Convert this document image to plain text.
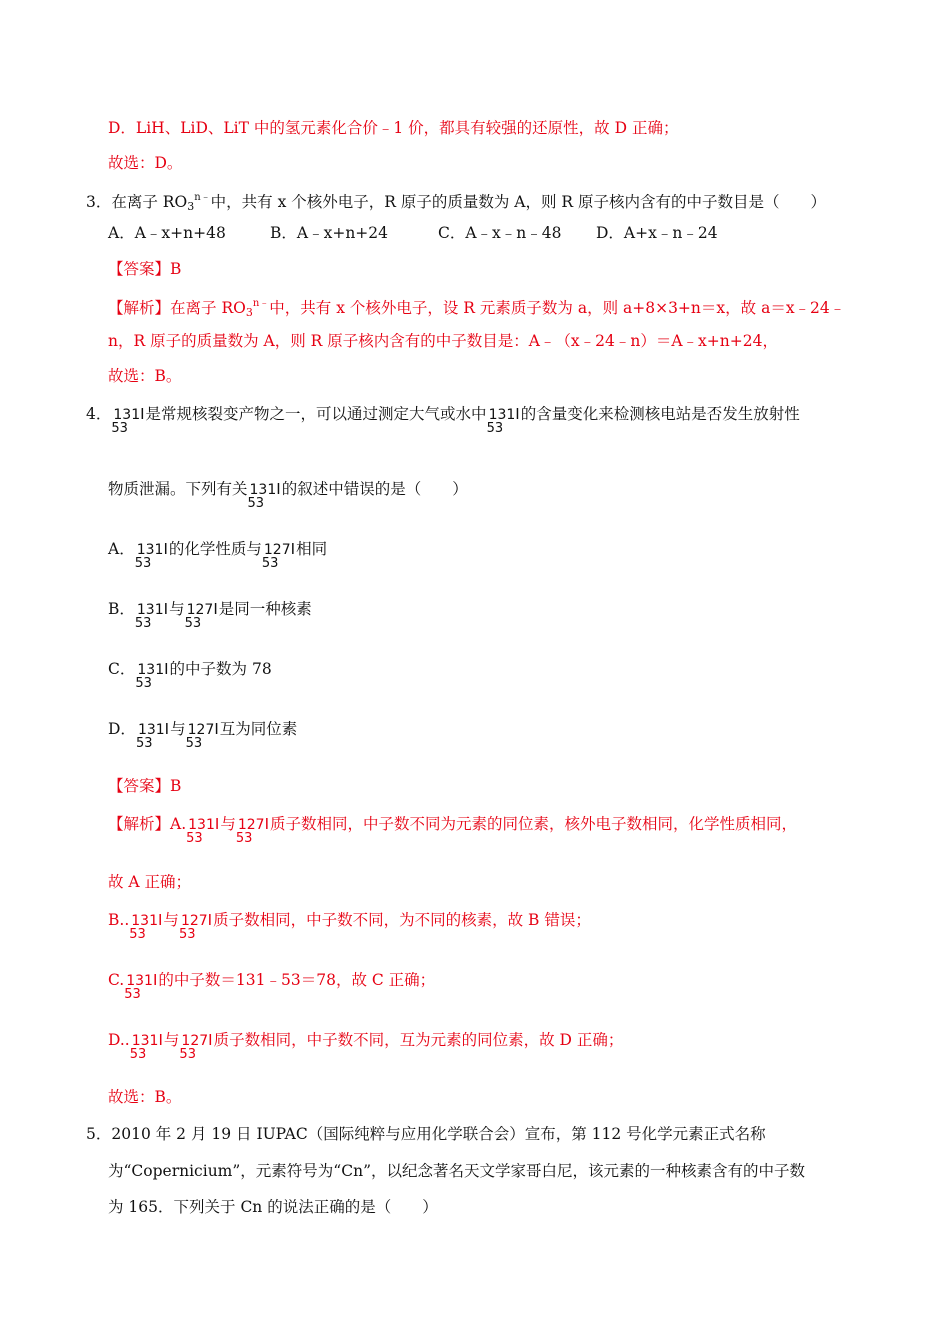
D．LiH、LiD、LiT 中的氢元素化合价﹣1 价，都具有较强的还原性，故 D 正确；
故选：D。
3．在离子 $RO_3^{n﹣}$中，共有 x 个核外电子，R 原子的质量数为 A，则 R 原子核内含有的中子数目是（　　）
A．A﹣x+n+48	B．A﹣x+n+24	C．A﹣x﹣n﹣48 D．A+x﹣n﹣24
【答案】B
【解析】在离子 $RO_3^{n﹣}$中，共有 x 个核外电子，设 R 元素质子数为 a，则 a+8×3+n＝x，故 a＝x﹣24﹣
n，R 原子的质量数为 A，则 R 原子核内含有的中子数目是：A﹣（x﹣24﹣n）＝A﹣x+n+24，
故选：B。
4． 131I
53
是常规核裂变产物之一，可以通过测定大气或水中 131I
53
的含量变化来检测核电站是否发生放射性
物质泄漏。下列有关 131I
53
的叙述中错误的是（　　）
A． 131I
53
的化学性质与 127I
53
相同
B． 131I
53
与 127I
53
是同一种核素
C． 131I
53
的中子数为 78
D． 131I
53
与 127I
53
互为同位素
【答案】B
【解析】A. 131I
53
与 127I
53
质子数相同，中子数不同为元素的同位素，核外电子数相同，化学性质相同，
故 A 正确；
B.. 131I
53
与 127I
53
质子数相同，中子数不同，为不同的核素，故 B 错误；
C. 131I
53
的中子数＝131﹣53＝78，故 C 正确；
D.. 131I
53
与 127I
53
质子数相同，中子数不同，互为元素的同位素，故 D 正确；
故选：B。
5．2010 年 2 月 19 日 IUPAC（国际纯粹与应用化学联合会）宣布，第 112 号化学元素正式名称
为“Copernicium”，元素符号为“Cn”，以纪念著名天文学家哥白尼，该元素的一种核素含有的中子数
为 165．下列关于 Cn 的说法正确的是（　　）
